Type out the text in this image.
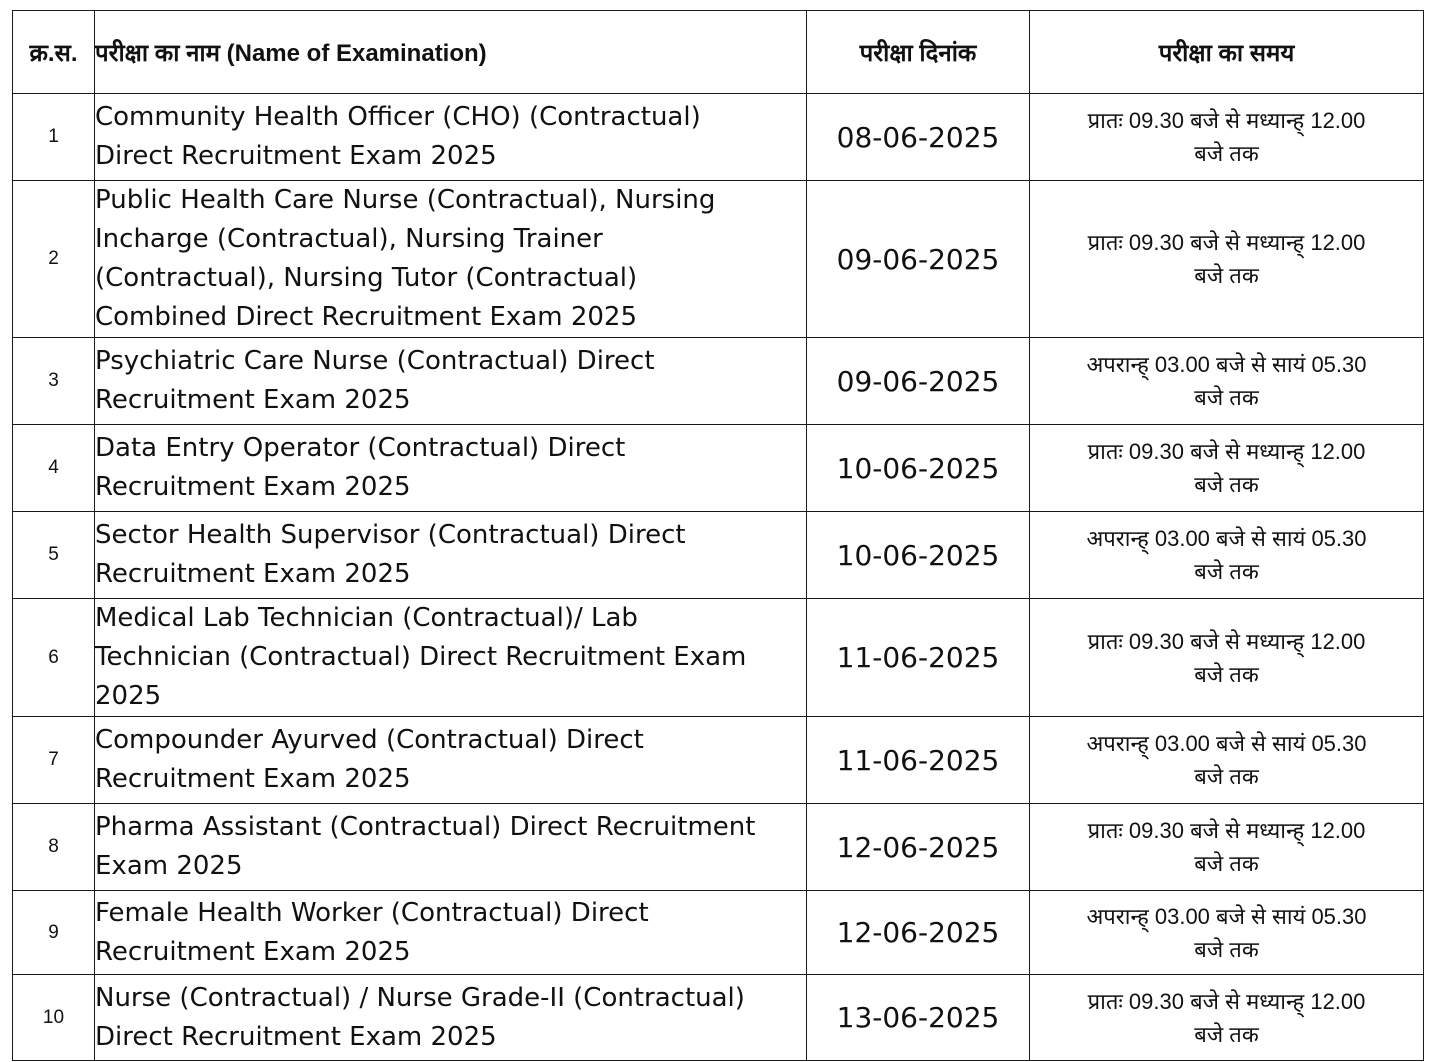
क्र.स.	परीक्षा का नाम (Name of Examination)	परीक्षा दिनांक	परीक्षा का समय
1	Community Health Officer (CHO) (Contractual)
Direct Recruitment Exam 2025	08-06-2025	प्रातः 09.30 बजे से मध्यान्ह् 12.00
बजे तक

2	Public Health Care Nurse (Contractual), Nursing
Incharge (Contractual), Nursing Trainer
(Contractual), Nursing Tutor (Contractual)
Combined Direct Recruitment Exam 2025	09-06-2025	प्रातः 09.30 बजे से मध्यान्ह् 12.00
बजे तक

3	Psychiatric Care Nurse (Contractual) Direct
Recruitment Exam 2025	09-06-2025	अपरान्ह् 03.00 बजे से सायं 05.30
बजे तक

4	Data Entry Operator (Contractual) Direct
Recruitment Exam 2025	10-06-2025	प्रातः 09.30 बजे से मध्यान्ह् 12.00
बजे तक

5	Sector Health Supervisor (Contractual) Direct
Recruitment Exam 2025	10-06-2025	अपरान्ह् 03.00 बजे से सायं 05.30
बजे तक

6	Medical Lab Technician (Contractual)/ Lab
Technician (Contractual) Direct Recruitment Exam
2025	11-06-2025	प्रातः 09.30 बजे से मध्यान्ह् 12.00
बजे तक

7	Compounder Ayurved (Contractual) Direct
Recruitment Exam 2025	11-06-2025	अपरान्ह् 03.00 बजे से सायं 05.30
बजे तक

8	Pharma Assistant (Contractual) Direct Recruitment
Exam 2025	12-06-2025	प्रातः 09.30 बजे से मध्यान्ह् 12.00
बजे तक

9	Female Health Worker (Contractual) Direct
Recruitment Exam 2025	12-06-2025	अपरान्ह् 03.00 बजे से सायं 05.30
बजे तक

10	Nurse (Contractual) / Nurse Grade-II (Contractual)
Direct Recruitment Exam 2025	13-06-2025	प्रातः 09.30 बजे से मध्यान्ह् 12.00
बजे तक
